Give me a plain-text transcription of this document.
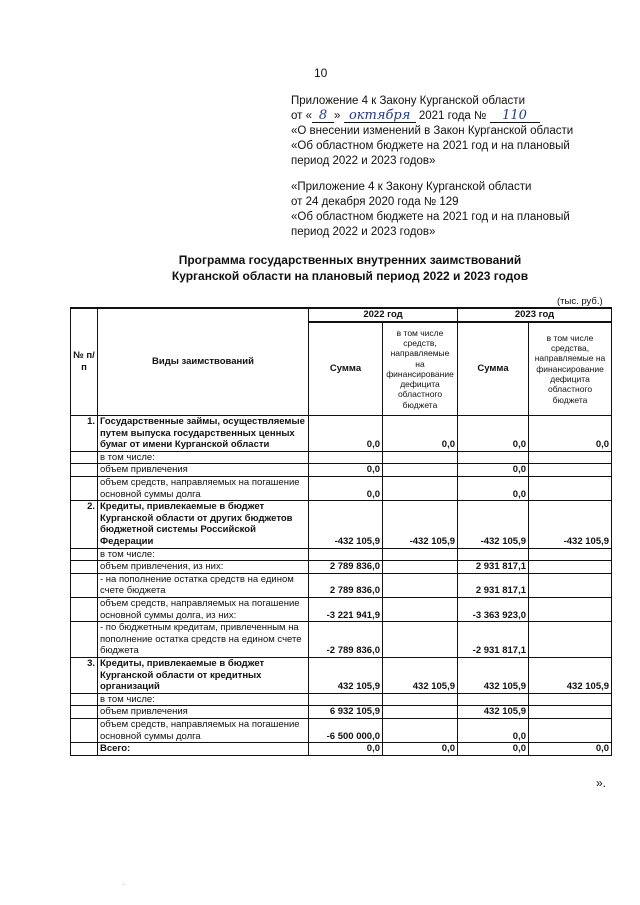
10
Приложение 4 к Закону Курганской области
от « 8 » октября 2021 года № 110
«О внесении изменений в Закон Курганской области
«Об областном бюджете на 2021 год и на плановый
период 2022 и 2023 годов»
«Приложение 4 к Закону Курганской области
от 24 декабря 2020 года № 129
«Об областном бюджете на 2021 год и на плановый
период 2022 и 2023 годов»
Программа государственных внутренних заимствований
Курганской области на плановый период 2022 и 2023 годов
(тыс. руб.)
№ п/п	Виды заимствований	2022 год		2023 год	
		Сумма	в том числе средств, направляемые на финансирование дефицита областного бюджета	Сумма	в том числе средства, направляемые на финансирование дефицита областного бюджета
1.	Государственные займы, осуществляемые путем выпуска государственных ценных бумаг от имени Курганской области	0,0	0,0	0,0	0,0
	в том числе:				
	объем привлечения	0,0		0,0	
	объем средств, направляемых на погашение основной суммы долга	0,0		0,0	
2.	Кредиты, привлекаемые в бюджет Курганской области от других бюджетов бюджетной системы Российской Федерации	-432 105,9	-432 105,9	-432 105,9	-432 105,9
	в том числе:				
	объем привлечения, из них:	2 789 836,0		2 931 817,1	
	- на пополнение остатка средств на едином счете бюджета	2 789 836,0		2 931 817,1	
	объем средств, направляемых на погашение основной суммы долга, из них:	-3 221 941,9		-3 363 923,0	
	- по бюджетным кредитам, привлеченным на пополнение остатка средств на едином счете бюджета	-2 789 836,0		-2 931 817,1	
3.	Кредиты, привлекаемые в бюджет Курганской области от кредитных организаций	432 105,9	432 105,9	432 105,9	432 105,9
	в том числе:				
	объем привлечения	6 932 105,9		432 105,9	
	объем средств, направляемых на погашение основной суммы долга	-6 500 000,0		0,0	
	Всего:	0,0	0,0	0,0	0,0
».
·
